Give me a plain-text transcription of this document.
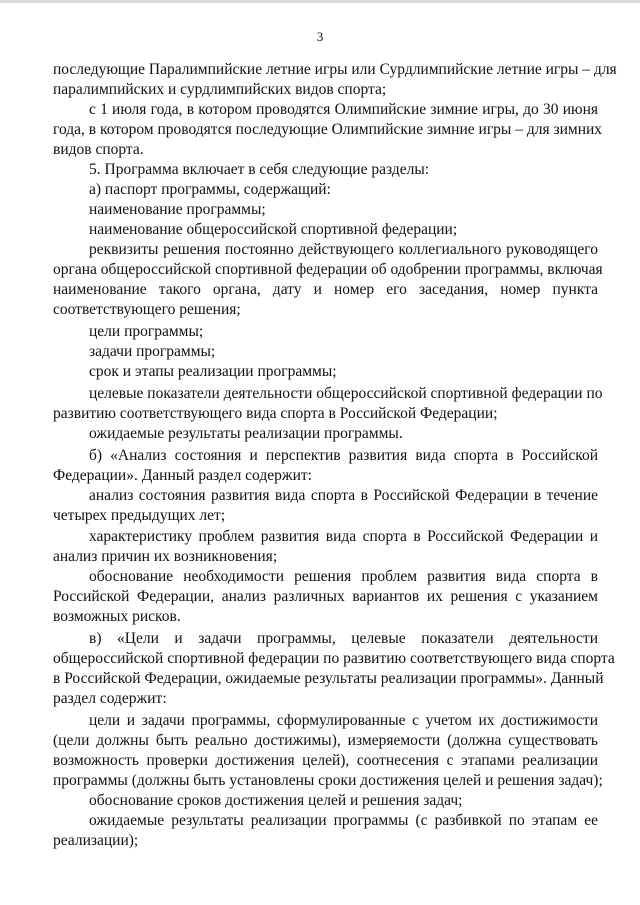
3
последующие Паралимпийские летние игры или Сурдлимпийские летние игры – для
паралимпийских и сурдлимпийских видов спорта;
с 1 июля года, в котором проводятся Олимпийские зимние игры, до 30 июня
года, в котором проводятся последующие Олимпийские зимние игры – для зимних
видов спорта.
5. Программа включает в себя следующие разделы:
а) паспорт программы, содержащий:
наименование программы;
наименование общероссийской спортивной федерации;
реквизиты решения постоянно действующего коллегиального руководящего
органа общероссийской спортивной федерации об одобрении программы, включая
наименование такого органа, дату и номер его заседания, номер пункта
соответствующего решения;
цели программы;
задачи программы;
срок и этапы реализации программы;
целевые показатели деятельности общероссийской спортивной федерации по
развитию соответствующего вида спорта в Российской Федерации;
ожидаемые результаты реализации программы.
б) «Анализ состояния и перспектив развития вида спорта в Российской
Федерации». Данный раздел содержит:
анализ состояния развития вида спорта в Российской Федерации в течение
четырех предыдущих лет;
характеристику проблем развития вида спорта в Российской Федерации и
анализ причин их возникновения;
обоснование необходимости решения проблем развития вида спорта в
Российской Федерации, анализ различных вариантов их решения с указанием
возможных рисков.
в) «Цели и задачи программы, целевые показатели деятельности
общероссийской спортивной федерации по развитию соответствующего вида спорта
в Российской Федерации, ожидаемые результаты реализации программы». Данный
раздел содержит:
цели и задачи программы, сформулированные с учетом их достижимости
(цели должны быть реально достижимы), измеряемости (должна существовать
возможность проверки достижения целей), соотнесения с этапами реализации
программы (должны быть установлены сроки достижения целей и решения задач);
обоснование сроков достижения целей и решения задач;
ожидаемые результаты реализации программы (с разбивкой по этапам ее
реализации);
